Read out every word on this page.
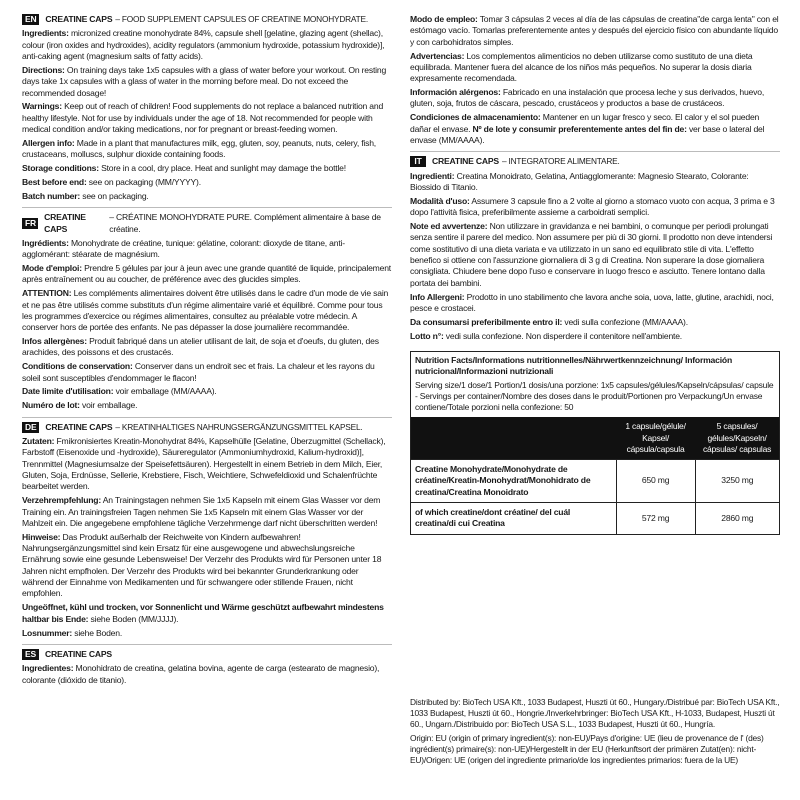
EN	CREATINE CAPS – FOOD SUPPLEMENT CAPSULES OF CREATINE MONOHYDRATE.

Ingredients: micronized creatine monohydrate 84%, capsule shell [gelatine, glazing agent (shellac), colour (iron oxides and hydroxides), acidity regulators (ammonium hydroxide, potassium hydroxide)], anti-caking agent (magnesium salts of fatty acids).

Directions: On training days take 1x5 capsules with a glass of water before your workout. On resting days take 1x capsules with a glass of water in the morning before meal. Do not exceed the recommended dosage!

Warnings: Keep out of reach of children! Food supplements do not replace a balanced nutrition and healthy lifestyle. Not for use by individuals under the age of 18. Not recommended for people with medical condition and/or taking medications, nor for pregnant or breast-feeding women.

Allergen info: Made in a plant that manufactures milk, egg, gluten, soy, peanuts, nuts, celery, fish, crustaceans, molluscs, sulphur dioxide containing foods.

Storage conditions: Store in a cool, dry place. Heat and sunlight may damage the bottle!

Best before end: see on packaging (MM/YYYY).

Batch number: see on packaging.

FR
CREATINE CAPS
– CRÉATINE MONOHYDRATE PURE. Complément alimentaire à base de créatine.

Ingrédients: Monohydrate de créatine, tunique: gélatine, colorant: dioxyde de titane, anti-agglomérant: stéarate de magnésium.

Mode d'emploi: Prendre 5 gélules par jour à jeun avec une grande quantité de liquide, principalement après entraînement ou au coucher, de préférence avec des glucides simples.

ATTENTION: Les compléments alimentaires doivent être utilisés dans le cadre d'un mode de vie sain et ne pas être utilisés comme substituts d'un régime alimentaire varié et équilibré. Comme pour tous les programmes d'exercice ou régimes alimentaires, consultez au préalable votre médecin. A conserver hors de portée des enfants. Ne pas dépasser la dose journalière recommandée.

Infos allergènes: Produit fabriqué dans un atelier utilisant de lait, de soja et d'oeufs, du gluten, des arachides, des poissons et des crustacés.

Conditions de conservation: Conserver dans un endroit sec et frais. La chaleur et les rayons du soleil sont susceptibles d'endommager le flacon!

Date limite d'utilisation: voir emballage (MM/AAAA).

Numéro de lot: voir emballage.

DE	CREATINE CAPS – KREATINHALTIGES NAHRUNGSERGÄNZUNGSMITTEL KAPSEL.

Zutaten: Fmikronisiertes Kreatin-Monohydrat 84%, Kapselhülle [Gelatine, Überzugmittel (Schellack), Farbstoff (Eisenoxide und -hydroxide), Säureregulator (Ammoniumhydroxid, Kalium-hydroxid)], Trennmittel (Magnesiumsalze der Speisefettsäuren). Hergestellt in einem Betrieb in dem Milch, Eier, Gluten, Soja, Erdnüsse, Sellerie, Krebstiere, Fisch, Weichtiere, Schwefeldioxid und Schalenfrüchte bearbeitet werden.

Verzehrempfehlung: An Trainingstagen nehmen Sie 1x5 Kapseln mit einem Glas Wasser vor dem Training ein. An trainingsfreien Tagen nehmen Sie 1x5 Kapseln mit einem Glas Wasser vor der Mahlzeit ein. Die angegebene empfohlene tägliche Verzehrmenge darf nicht überschritten werden!

Hinweise: Das Produkt außerhalb der Reichweite von Kindern aufbewahren! Nahrungsergänzungsmittel sind kein Ersatz für eine ausgewogene und abwechslungsreiche Ernährung sowie eine gesunde Lebensweise! Der Verzehr des Produkts wird für Personen unter 18 Jahren nicht empfholen. Der Verzehr des Produkts wird bei bekannter Grunderkrankung oder während der Einnahme von Medikamenten und für schwangere oder stillende Frauen, nicht empfohlen.

Ungeöffnet, kühl und trocken, vor Sonnenlicht und Wärme geschützt aufbewahrt mindestens haltbar bis Ende: siehe Boden (MM/JJJJ).

Losnummer: siehe Boden.

ES	CREATINE CAPS

Ingredientes: Monohidrato de creatina, gelatina bovina, agente de carga (estearato de magnesio), colorante (dióxido de titanio).

Modo de empleo: Tomar 3 cápsulas 2 veces al día de las cápsulas de creatina"de carga lenta" con el estómago vacío. Tomarlas preferentemente antes y después del ejercicio físico con abundante líquido y con carbohidratos simples.

Advertencias: Los complementos alimenticios no deben utilizarse como sustituto de una dieta equilibrada. Mantener fuera del alcance de los niños más pequeños. No superar la dosis diaria expresamente recomendada.

Información alérgenos: Fabricado en una instalación que procesa leche y sus derivados, huevo, gluten, soja, frutos de cáscara, pescado, crustáceos y productos a base de crustáceos.

Condiciones de almacenamiento: Mantener en un lugar fresco y seco. El calor y el sol pueden dañar el envase. Nº de lote y consumir preferentemente antes del fin de: ver base o lateral del envase (MM/AAAA).

IT	CREATINE CAPS – INTEGRATORE ALIMENTARE.

Ingredienti: Creatina Monoidrato, Gelatina, Antiagglomerante: Magnesio Stearato, Colorante: Biossido di Titanio.

Modalità d'uso: Assumere 3 capsule fino a 2 volte al giorno a stomaco vuoto con acqua, 3 prima e 3 dopo l'attività fisica, preferibilmente assieme a carboidrati semplici.

Note ed avvertenze: Non utilizzare in gravidanza e nei bambini, o comunque per periodi prolungati senza sentire il parere del medico. Non assumere per più di 30 giorni. Il prodotto non deve intendersi come sostitutivo di una dieta variata e va utilizzato in un sano ed equilibrato stile di vita. L'effetto benefico si ottiene con l'assunzione giornaliera di 3 g di Creatina. Non superare la dose giornaliera consigliata. Chiudere bene dopo l'uso e conservare in luogo fresco e asciutto. Tenere lontano dalla portata dei bambini.

Info Allergeni: Prodotto in uno stabilimento che lavora anche soia, uova, latte, glutine, arachidi, noci, pesce e crostacei.

Da consumarsi preferibilmente entro il: vedi sulla confezione (MM/AAAA).

Lotto n°: vedi sulla confezione. Non disperdere il contenitore nell'ambiente.

Nutrition Facts/Informations nutritionnelles/Nährwertkennzeichnung/ Información nutricional/Informazioni nutrizionali
Serving size/1 dose/1 Portion/1 dosis/una porzione: 1x5 capsules/gélules/Kapseln/cápsulas/ capsule - Servings per container/Nombre des doses dans le produit/Portionen pro Verpackung/Un envase contiene/Totale porzioni nella confezione: 50
	1 capsule/gélule/ Kapsel/ cápsula/capsula	5 capsules/ gélules/Kapseln/ cápsulas/ capsulas
Creatine Monohydrate/Monohydrate de créatine/Kreatin-Monohydrat/Monohidrato de creatina/Creatina Monoidrato	650 mg	3250 mg
of which creatine/dont créatine/ del cuál creatina/di cui Creatina	572 mg	2860 mg

Distributed by: BioTech USA Kft., 1033 Budapest, Huszti út 60., Hungary./Distribué par: BioTech USA Kft., 1033 Budapest, Huszti út 60., Hongrie./Inverkehrbringer: BioTech USA Kft., H-1033, Budapest, Huszti út 60., Ungarn./Distribuido por: BioTech USA S.L., 1033 Budapest, Huszti út 60., Hungría.

Origin: EU (origin of primary ingredient(s): non-EU)/Pays d'origine: UE (lieu de provenance de l' (des) ingrédient(s) primaire(s): non-UE)/Hergestellt in der EU (Herkunftsort der primären Zutat(en): nicht-EU)/Origen: UE (origen del ingrediente primario/de los ingredientes primarios: fuera de la UE)
